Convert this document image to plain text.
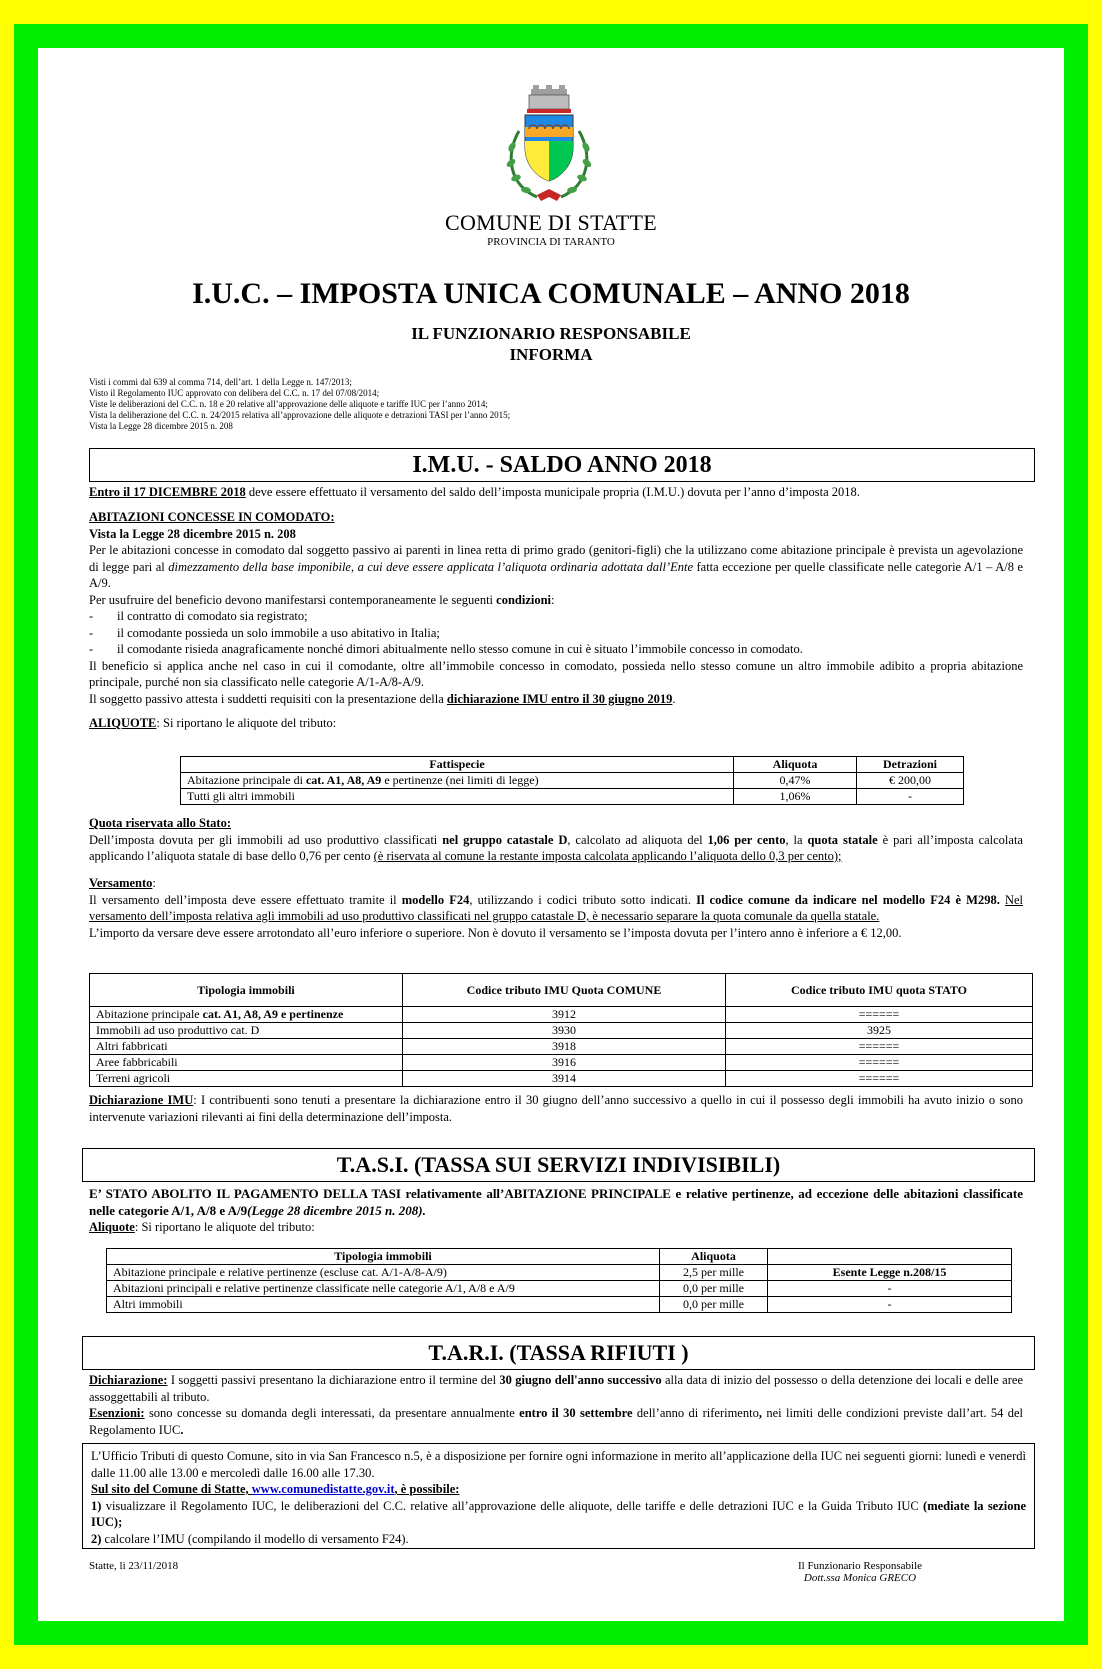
COMUNE DI STATTE
PROVINCIA DI TARANTO
I.U.C. – IMPOSTA UNICA COMUNALE – ANNO 2018
IL FUNZIONARIO RESPONSABILE
INFORMA
Visti i commi dal 639 al comma 714, dell’art. 1 della Legge n. 147/2013;
Visto il Regolamento IUC approvato con delibera del C.C. n. 17 del 07/08/2014;
Viste le deliberazioni del C.C. n. 18 e 20 relative all’approvazione delle aliquote e tariffe IUC per l’anno 2014;
Vista la deliberazione del C.C. n. 24/2015 relativa all’approvazione delle aliquote e detrazioni TASI per l’anno 2015;
Vista la Legge 28 dicembre 2015 n. 208
I.M.U. - SALDO ANNO 2018

Entro il 17 DICEMBRE 2018 deve essere effettuato il versamento del saldo dell’imposta municipale propria (I.M.U.) dovuta per l’anno d’imposta 2018.

ABITAZIONI CONCESSE IN COMODATO:

Vista la Legge 28 dicembre 2015 n. 208

Per le abitazioni concesse in comodato dal soggetto passivo ai parenti in linea retta di primo grado (genitori-figli) che la utilizzano come abitazione principale è prevista un agevolazione di legge pari al dimezzamento della base imponibile, a cui deve essere applicata l’aliquota ordinaria adottata dall’Ente fatta eccezione per quelle classificate nelle categorie A/1 – A/8 e A/9.

Per usufruire del beneficio devono manifestarsi contemporaneamente le seguenti condizioni:

-	il contratto di comodato sia registrato;
-	il comodante possieda un solo immobile a uso abitativo in Italia;
-	il comodante risieda anagraficamente nonché dimori abitualmente nello stesso comune in cui è situato l’immobile concesso in comodato.

Il beneficio si applica anche nel caso in cui il comodante, oltre all’immobile concesso in comodato, possieda nello stesso comune un altro immobile adibito a propria abitazione principale, purché non sia classificato nelle categorie A/1-A/8-A/9.

Il soggetto passivo attesta i suddetti requisiti con la presentazione della dichiarazione IMU entro il 30 giugno 2019.

ALIQUOTE: Si riportano le aliquote del tributo:

Fattispecie	Aliquota	Detrazioni
Abitazione principale di cat. A1, A8, A9 e pertinenze (nei limiti di legge)	0,47%	€ 200,00
Tutti gli altri immobili	1,06%	-

Quota riservata allo Stato:

Dell’imposta dovuta per gli immobili ad uso produttivo classificati nel gruppo catastale D, calcolato ad aliquota del 1,06 per cento, la quota statale è pari all’imposta calcolata applicando l’aliquota statale di base dello 0,76 per cento (è riservata al comune la restante imposta calcolata applicando l’aliquota dello 0,3 per cento);

Versamento:

Il versamento dell’imposta deve essere effettuato tramite il modello F24, utilizzando i codici tributo sotto indicati. Il codice comune da indicare nel modello F24 è M298. Nel versamento dell’imposta relativa agli immobili ad uso produttivo classificati nel gruppo catastale D, è necessario separare la quota comunale da quella statale.

L’importo da versare deve essere arrotondato all’euro inferiore o superiore. Non è dovuto il versamento se l’imposta dovuta per l’intero anno è inferiore a € 12,00.

Tipologia immobili	Codice tributo IMU Quota COMUNE	Codice tributo IMU quota STATO
Abitazione principale cat. A1, A8, A9 e pertinenze	3912	======
Immobili ad uso produttivo cat. D	3930	3925
Altri fabbricati	3918	======
Aree fabbricabili	3916	======
Terreni agricoli	3914	======

Dichiarazione IMU: I contribuenti sono tenuti a presentare la dichiarazione entro il 30 giugno dell’anno successivo a quello in cui il possesso degli immobili ha avuto inizio o sono intervenute variazioni rilevanti ai fini della determinazione dell’imposta.

T.A.S.I. (TASSA SUI SERVIZI INDIVISIBILI)

E’ STATO ABOLITO IL PAGAMENTO DELLA TASI relativamente all’ABITAZIONE PRINCIPALE e relative pertinenze, ad eccezione delle abitazioni classificate nelle categorie A/1, A/8 e A/9(Legge 28 dicembre 2015 n. 208).

Aliquote: Si riportano le aliquote del tributo:

Tipologia immobili	Aliquota	
Abitazione principale e relative pertinenze (escluse cat. A/1-A/8-A/9)	2,5 per mille	Esente Legge n.208/15
Abitazioni principali e relative pertinenze classificate nelle categorie A/1, A/8 e A/9	0,0 per mille	-
Altri immobili	0,0 per mille	-
T.A.R.I. (TASSA RIFIUTI )

Dichiarazione: I soggetti passivi presentano la dichiarazione entro il termine del 30 giugno dell'anno successivo alla data di inizio del possesso o della detenzione dei locali e delle aree assoggettabili al tributo.

Esenzioni: sono concesse su domanda degli interessati, da presentare annualmente entro il 30 settembre dell’anno di riferimento, nei limiti delle condizioni previste dall’art. 54 del Regolamento IUC.

L’Ufficio Tributi di questo Comune, sito in via San Francesco n.5, è a disposizione per fornire ogni informazione in merito all’applicazione della IUC nei seguenti giorni: lunedì e venerdì dalle 11.00 alle 13.00 e mercoledì dalle 16.00 alle 17.30.

Sul sito del Comune di Statte, www.comunedistatte.gov.it, è possibile:

1) visualizzare il Regolamento IUC, le deliberazioni del C.C. relative all’approvazione delle aliquote, delle tariffe e delle detrazioni IUC e la Guida Tributo IUC (mediate la sezione IUC);

2) calcolare l’IMU (compilando il modello di versamento F24).

Statte, lì 23/11/2018	Il Funzionario Responsabile
Dott.ssa Monica GRECO
